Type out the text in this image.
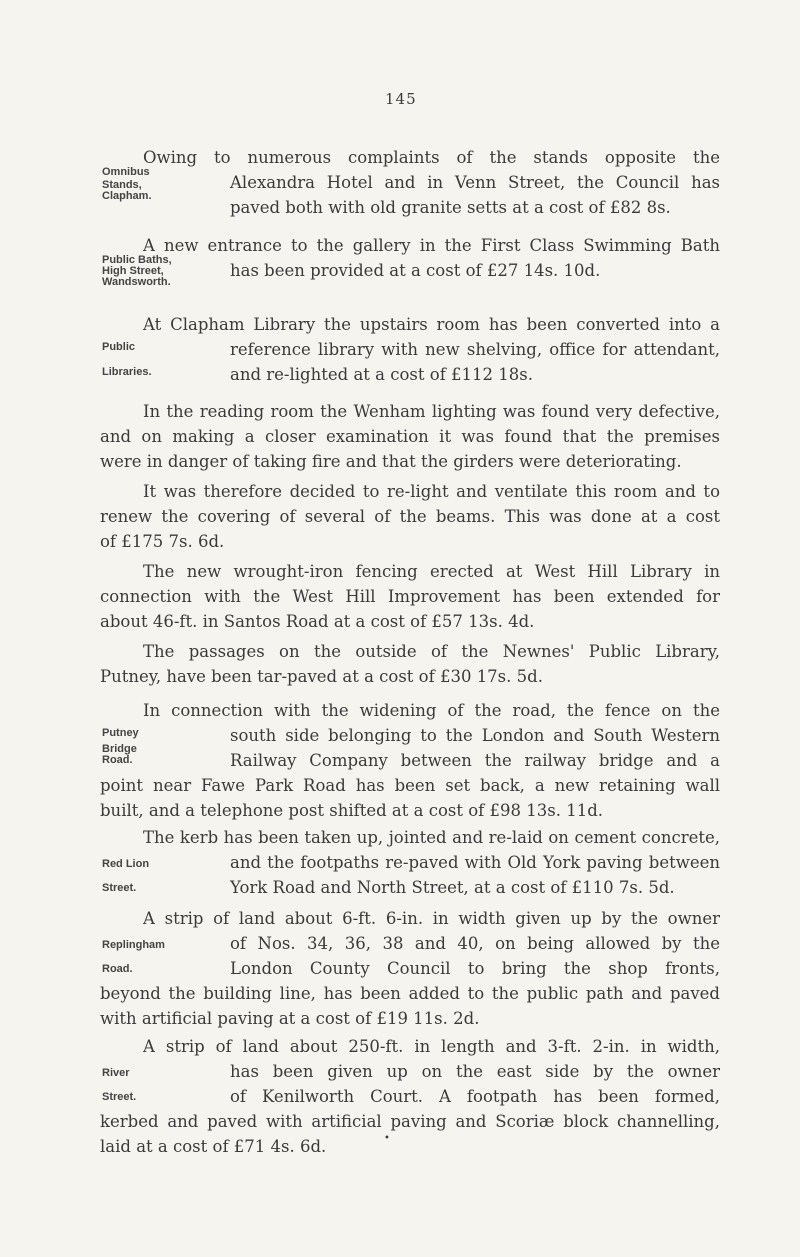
145
Omnibus
Stands,
Clapham.
Owing to numerous complaints of the stands opposite the
Alexandra Hotel and in Venn Street, the Council has
paved both with old granite setts at a cost of £82 8s.
Public Baths,
High Street,
Wandsworth.
A new entrance to the gallery in the First Class Swimming Bath
has been provided at a cost of £27 14s. 10d.
Public
Libraries.
At Clapham Library the upstairs room has been converted into a
reference library with new shelving, office for attendant,
and re-lighted at a cost of £112 18s.
In the reading room the Wenham lighting was found very defective,
and on making a closer examination it was found that the premises
were in danger of taking fire and that the girders were deteriorating.
It was therefore decided to re-light and ventilate this room and to
renew the covering of several of the beams. This was done at a cost
of £175 7s. 6d.
The new wrought-iron fencing erected at West Hill Library in
connection with the West Hill Improvement has been extended for
about 46-ft. in Santos Road at a cost of £57 13s. 4d.
The passages on the outside of the Newnes' Public Library,
Putney, have been tar-paved at a cost of £30 17s. 5d.
Putney
Bridge
Road.
In connection with the widening of the road, the fence on the
south side belonging to the London and South Western
Railway Company between the railway bridge and a
point near Fawe Park Road has been set back, a new retaining wall
built, and a telephone post shifted at a cost of £98 13s. 11d.
Red Lion
Street.
The kerb has been taken up, jointed and re-laid on cement concrete,
and the footpaths re-paved with Old York paving between
York Road and North Street, at a cost of £110 7s. 5d.
Replingham
Road.
A strip of land about 6-ft. 6-in. in width given up by the owner
of Nos. 34, 36, 38 and 40, on being allowed by the
London County Council to bring the shop fronts,
beyond the building line, has been added to the public path and paved
with artificial paving at a cost of £19 11s. 2d.
River
Street.
A strip of land about 250-ft. in length and 3-ft. 2-in. in width,
has been given up on the east side by the owner
of Kenilworth Court. A footpath has been formed,
kerbed and paved with artificial paving and Scoriæ block channelling,
laid at a cost of £71 4s. 6d.	•
